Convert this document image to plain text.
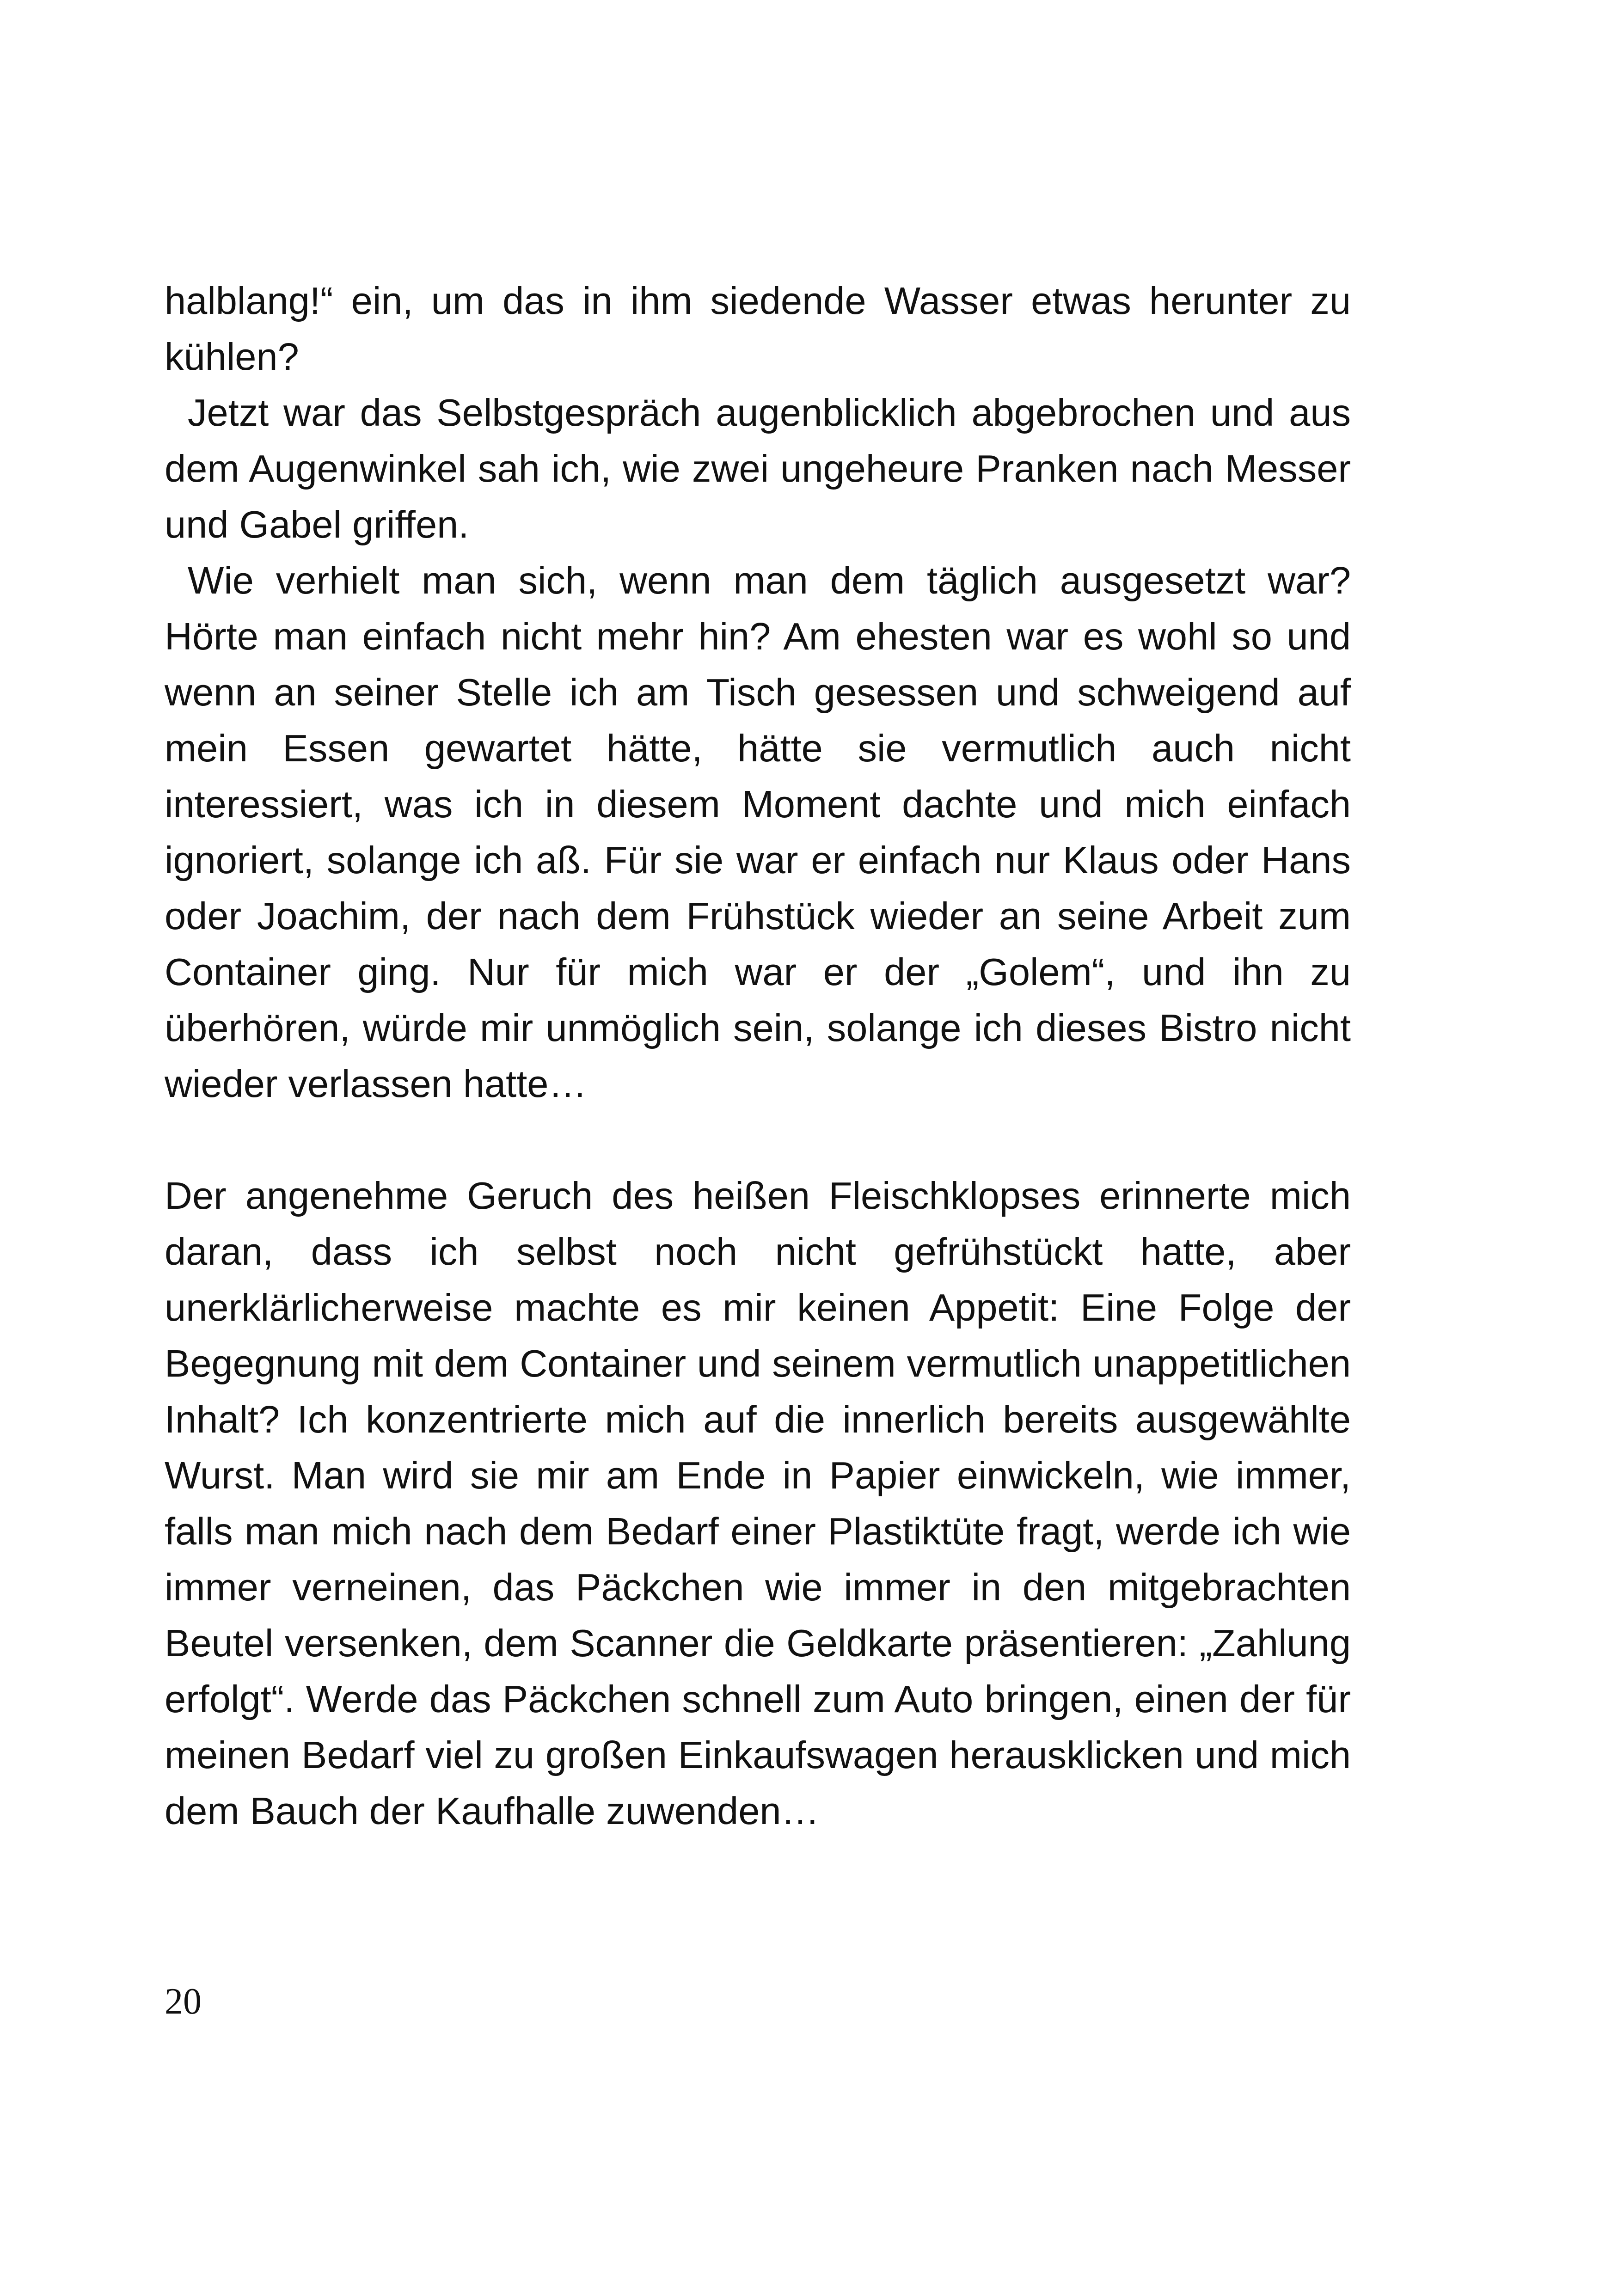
halblang!“ ein, um das in ihm siedende Wasser etwas herunter zu kühlen?

Jetzt war das Selbstgespräch augenblicklich abgebrochen und aus dem Augenwinkel sah ich, wie zwei ungeheure Pranken nach Messer und Gabel griffen.

Wie verhielt man sich, wenn man dem täglich ausgesetzt war? Hörte man einfach nicht mehr hin? Am ehesten war es wohl so und wenn an seiner Stelle ich am Tisch gesessen und schweigend auf mein Essen gewartet hätte, hätte sie vermutlich auch nicht interessiert, was ich in diesem Moment dachte und mich einfach ignoriert, solange ich aß. Für sie war er einfach nur Klaus oder Hans oder Joachim, der nach dem Frühstück wieder an seine Arbeit zum Container ging. Nur für mich war er der „Golem“, und ihn zu überhören, würde mir unmöglich sein, solange ich dieses Bistro nicht wieder verlassen hatte…

Der angenehme Geruch des heißen Fleischklopses erinnerte mich daran, dass ich selbst noch nicht gefrühstückt hatte, aber unerklärlicherweise machte es mir keinen Appetit: Eine Folge der Begegnung mit dem Container und seinem vermutlich unappetitlichen Inhalt? Ich konzentrierte mich auf die innerlich bereits ausgewählte Wurst. Man wird sie mir am Ende in Papier einwickeln, wie immer, falls man mich nach dem Bedarf einer Plastiktüte fragt, werde ich wie immer verneinen, das Päckchen wie immer in den mitgebrachten Beutel versenken, dem Scanner die Geldkarte präsentieren: „Zahlung erfolgt“. Werde das Päckchen schnell zum Auto bringen, einen der für meinen Bedarf viel zu großen Einkaufswagen herausklicken und mich dem Bauch der Kaufhalle zuwenden…

20
